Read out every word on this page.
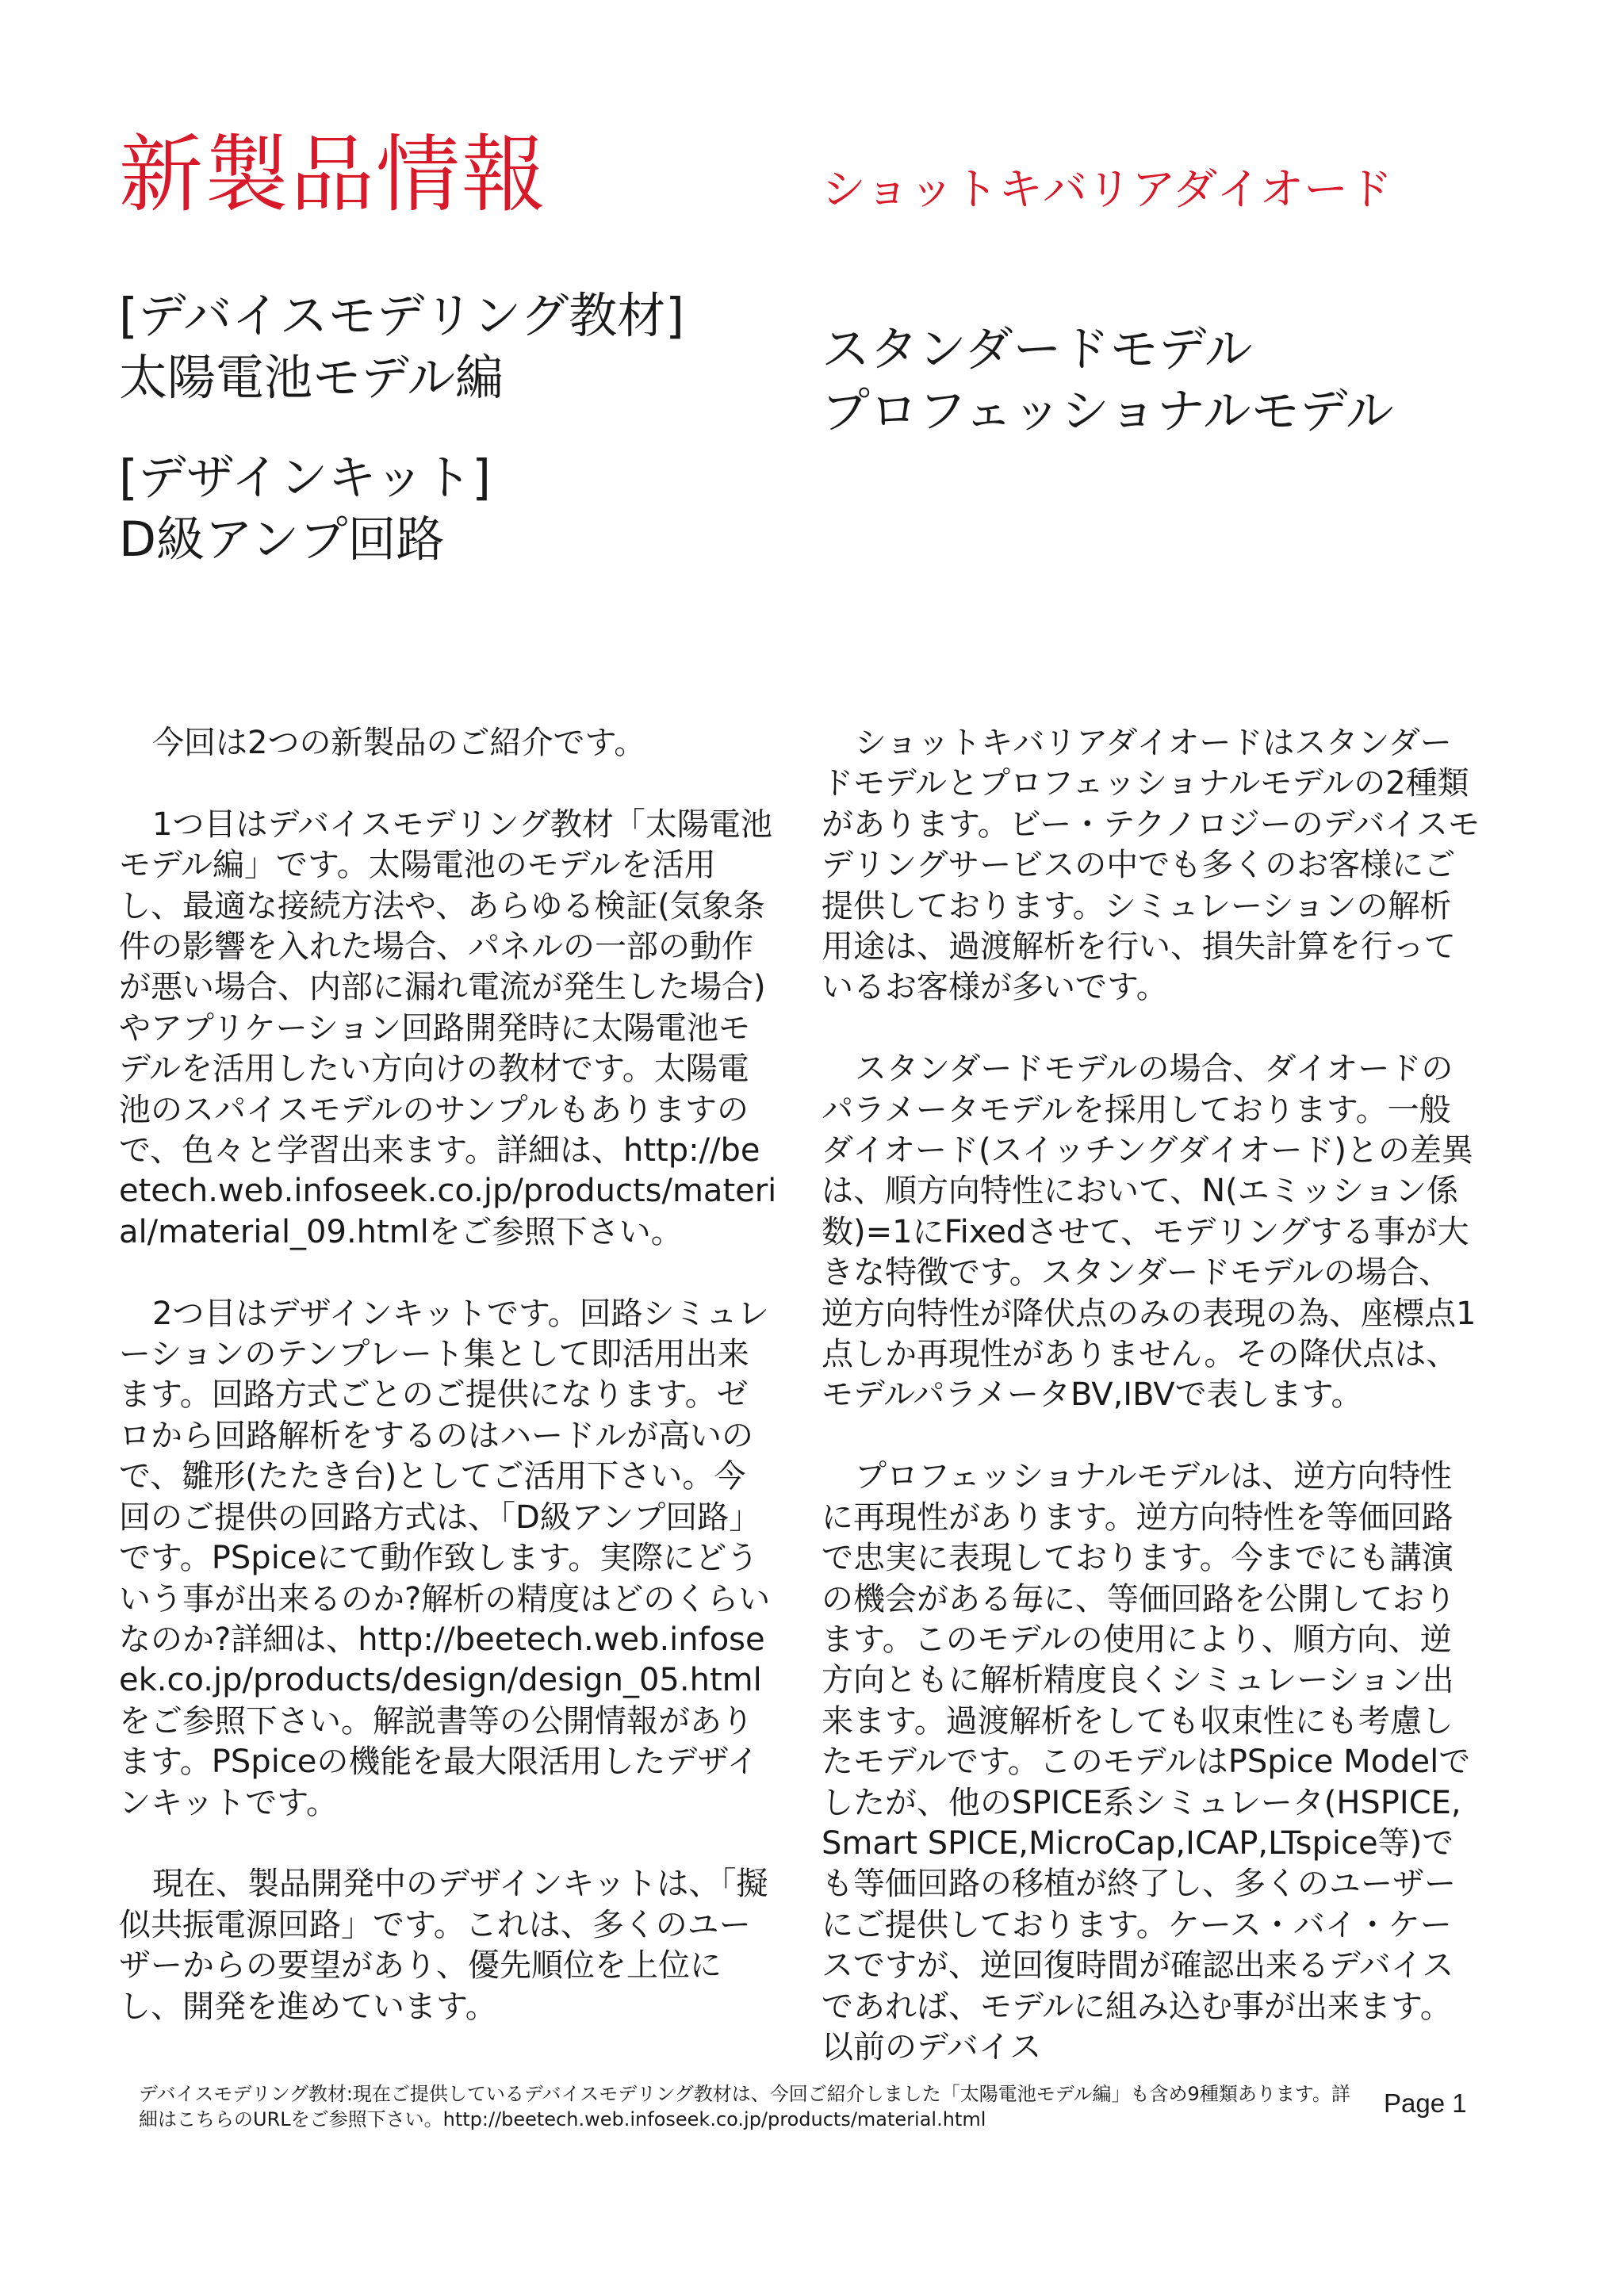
新製品情報	ショットキバリアダイオード
[デバイスモデリング教材]
太陽電池モデル編
[デザインキット]
D級アンプ回路
スタンダードモデル
プロフェッショナルモデル

今回は2つの新製品のご紹介です。

1つ目はデバイスモデリング教材「太陽電池モデル編」です。太陽電池のモデルを活用し、最適な接続方法や、あらゆる検証(気象条件の影響を入れた場合、パネルの一部の動作が悪い場合、内部に漏れ電流が発生した場合)やアプリケーション回路開発時に太陽電池モデルを活用したい方向けの教材です。太陽電池のスパイスモデルのサンプルもありますので、色々と学習出来ます。詳細は、http://beetech.web.infoseek.co.jp/products/material/material_09.htmlをご参照下さい。

2つ目はデザインキットです。回路シミュレーションのテンプレート集として即活用出来ます。回路方式ごとのご提供になります。ゼロから回路解析をするのはハードルが高いので、雛形(たたき台)としてご活用下さい。今回のご提供の回路方式は、「D級アンプ回路」です。PSpiceにて動作致します。実際にどういう事が出来るのか?解析の精度はどのくらいなのか?詳細は、http://beetech.web.infoseek.co.jp/products/design/design_05.htmlをご参照下さい。解説書等の公開情報があります。PSpiceの機能を最大限活用したデザインキットです。

現在、製品開発中のデザインキットは、「擬似共振電源回路」です。これは、多くのユーザーからの要望があり、優先順位を上位にし、開発を進めています。

ショットキバリアダイオードはスタンダードモデルとプロフェッショナルモデルの2種類があります。ビー・テクノロジーのデバイスモデリングサービスの中でも多くのお客様にご提供しております。シミュレーションの解析用途は、過渡解析を行い、損失計算を行っているお客様が多いです。

スタンダードモデルの場合、ダイオードのパラメータモデルを採用しております。一般ダイオード(スイッチングダイオード)との差異は、順方向特性において、N(エミッション係数)=1にFixedさせて、モデリングする事が大きな特徴です。スタンダードモデルの場合、逆方向特性が降伏点のみの表現の為、座標点1点しか再現性がありません。その降伏点は、モデルパラメータBV,IBVで表します。

プロフェッショナルモデルは、逆方向特性に再現性があります。逆方向特性を等価回路で忠実に表現しております。今までにも講演の機会がある毎に、等価回路を公開しております。このモデルの使用により、順方向、逆方向ともに解析精度良くシミュレーション出来ます。過渡解析をしても収束性にも考慮したモデルです。このモデルはPSpice Modelでしたが、他のSPICE系シミュレータ(HSPICE,Smart SPICE,MicroCap,ICAP,LTspice等)でも等価回路の移植が終了し、多くのユーザーにご提供しております。ケース・バイ・ケースですが、逆回復時間が確認出来るデバイスであれば、モデルに組み込む事が出来ます。以前のデバイス

デバイスモデリング教材:現在ご提供しているデバイスモデリング教材は、今回ご紹介しました「太陽電池モデル編」も含め9種類あります。詳細はこちらのURLをご参照下さい。http://beetech.web.infoseek.co.jp/products/material.html
Page 1
